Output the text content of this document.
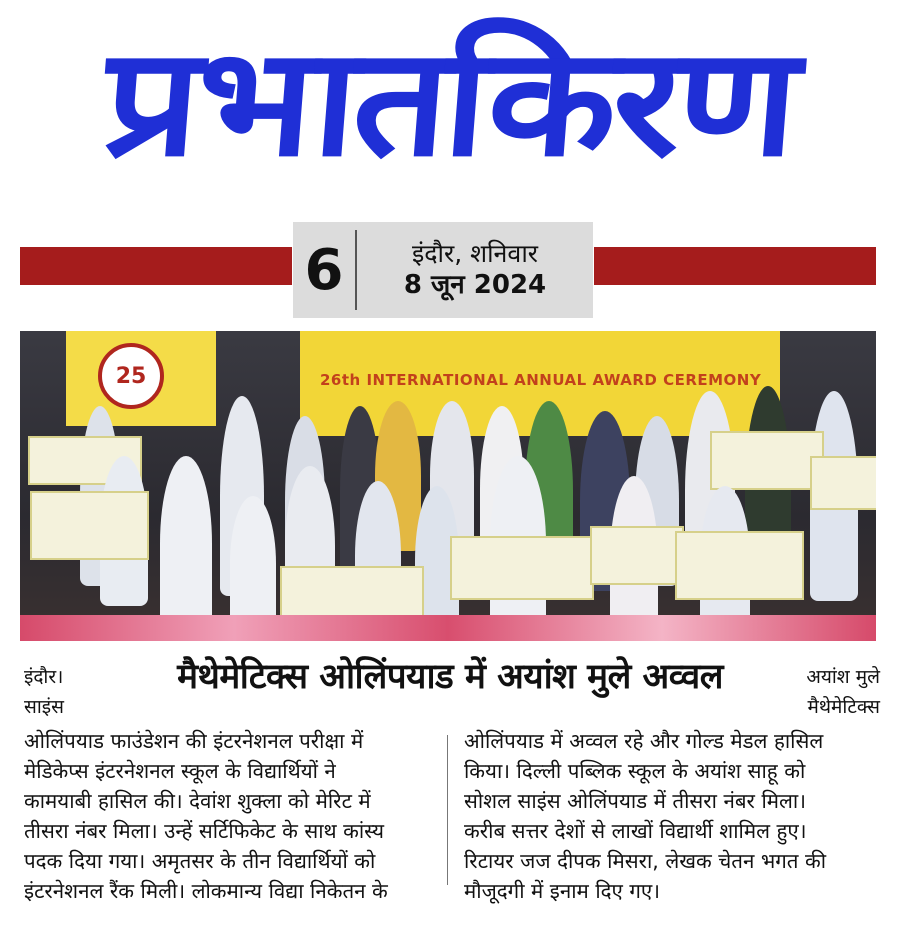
प्रभातकिरण
6	इंदौर, शनिवार
8 जून 2024
25	26th INTERNATIONAL ANNUAL AWARD CEREMONY
इंदौर।
साइंस
मैथेमेटिक्स ओलिंपयाड में अयांश मुले अव्वल	अयांश मुले
मैथेमेटिक्स

ओलिंपयाड फाउंडेशन की इंटरनेशनल परीक्षा में

मेडिकेप्स इंटरनेशनल स्कूल के विद्यार्थियों ने

कामयाबी हासिल की। देवांश शुक्ला को मेरिट में

तीसरा नंबर मिला। उन्हें सर्टिफिकेट के साथ कांस्य

पदक दिया गया। अमृतसर के तीन विद्यार्थियों को

इंटरनेशनल रैंक मिली। लोकमान्य विद्या निकेतन के

ओलिंपयाड में अव्वल रहे और गोल्ड मेडल हासिल

किया। दिल्ली पब्लिक स्कूल के अयांश साहू को

सोशल साइंस ओलिंपयाड में तीसरा नंबर मिला।

करीब सत्तर देशों से लाखों विद्यार्थी शामिल हुए।

रिटायर जज दीपक मिसरा, लेखक चेतन भगत की

मौजूदगी में इनाम दिए गए।
